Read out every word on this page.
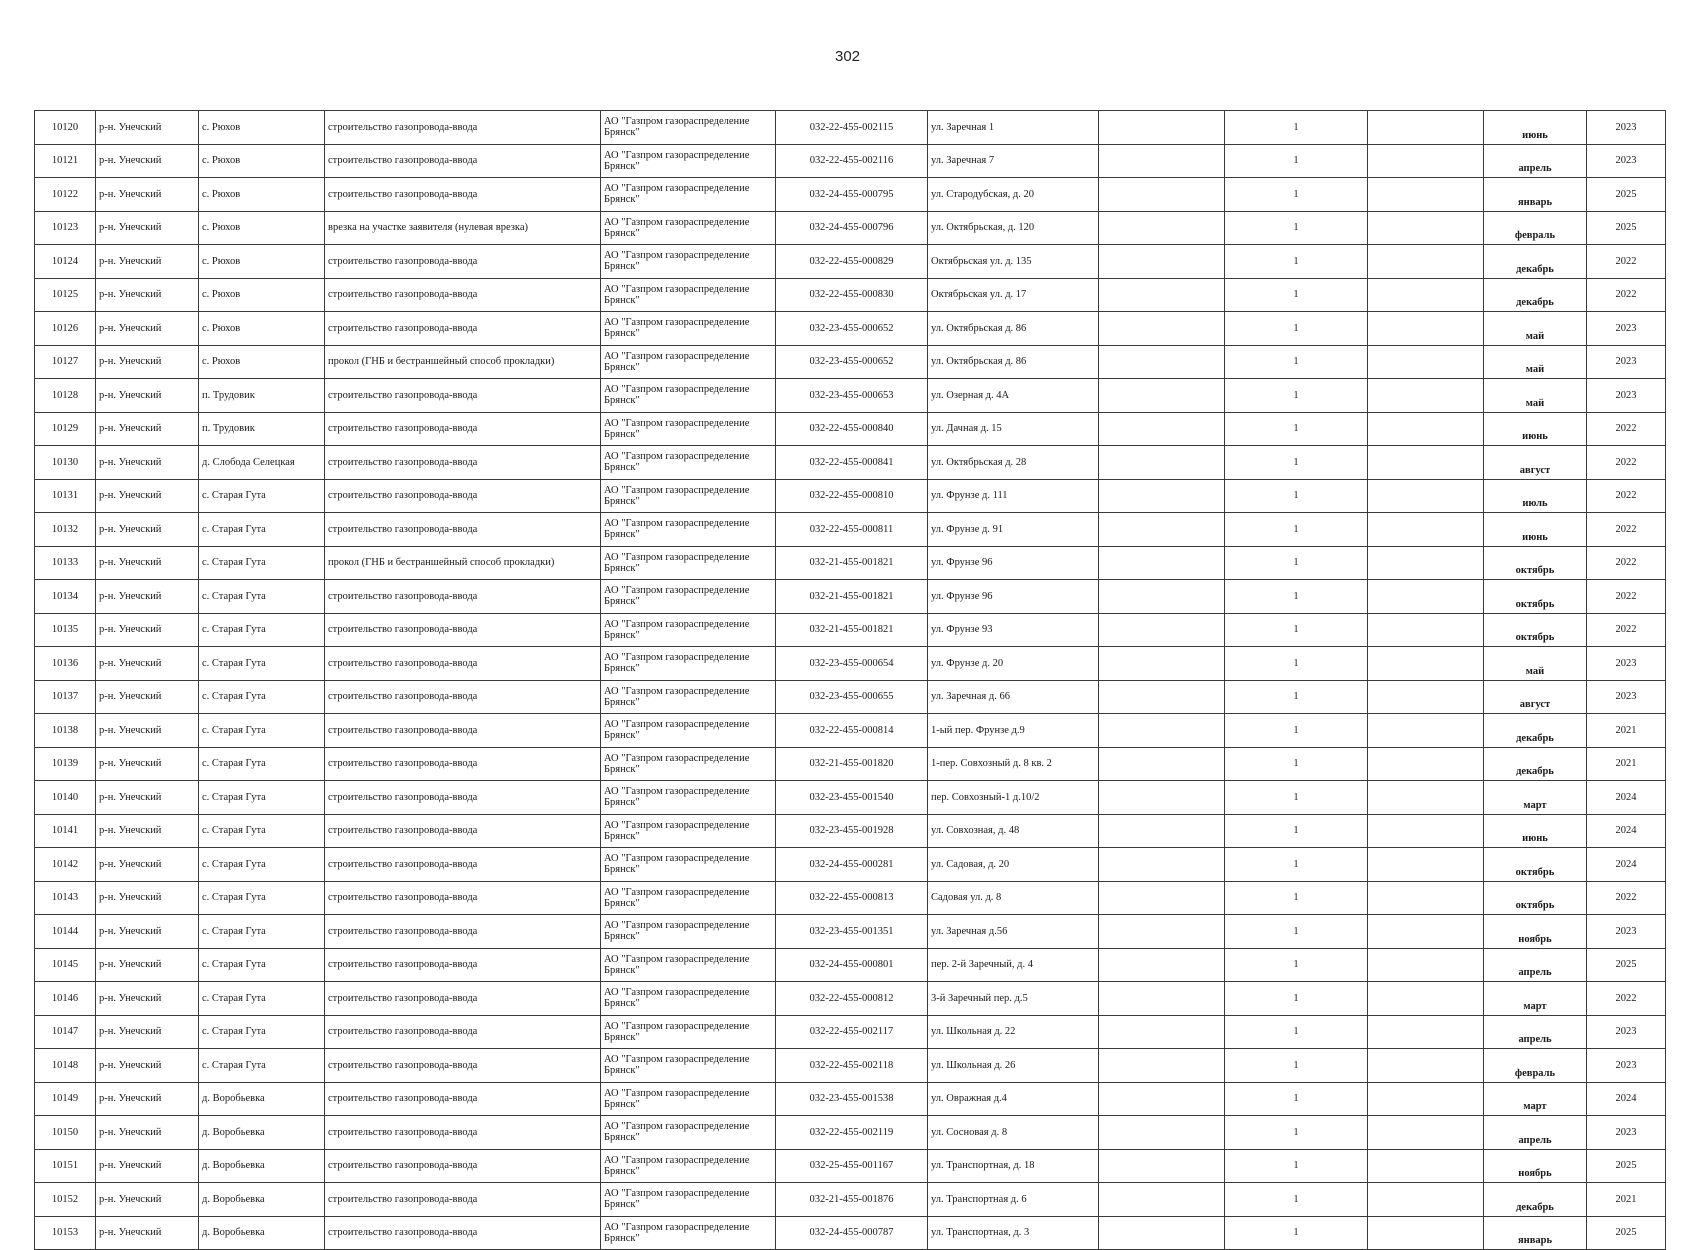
302
10120	р-н. Унечский	с. Рюхов	строительство газопровода-ввода	АО "Газпром газораспределение Брянск"	032-22-455-002115	ул. Заречная 1		1		июнь	2023
10121	р-н. Унечский	с. Рюхов	строительство газопровода-ввода	АО "Газпром газораспределение Брянск"	032-22-455-002116	ул. Заречная 7		1		апрель	2023
10122	р-н. Унечский	с. Рюхов	строительство газопровода-ввода	АО "Газпром газораспределение Брянск"	032-24-455-000795	ул. Стародубская, д. 20		1		январь	2025
10123	р-н. Унечский	с. Рюхов	врезка на участке заявителя (нулевая врезка)	АО "Газпром газораспределение Брянск"	032-24-455-000796	ул. Октябрьская, д. 120		1		февраль	2025
10124	р-н. Унечский	с. Рюхов	строительство газопровода-ввода	АО "Газпром газораспределение Брянск"	032-22-455-000829	Октябрьская ул. д. 135		1		декабрь	2022
10125	р-н. Унечский	с. Рюхов	строительство газопровода-ввода	АО "Газпром газораспределение Брянск"	032-22-455-000830	Октябрьская ул. д. 17		1		декабрь	2022
10126	р-н. Унечский	с. Рюхов	строительство газопровода-ввода	АО "Газпром газораспределение Брянск"	032-23-455-000652	ул. Октябрьская д. 86		1		май	2023
10127	р-н. Унечский	с. Рюхов	прокол (ГНБ и бестраншейный способ прокладки)	АО "Газпром газораспределение Брянск"	032-23-455-000652	ул. Октябрьская д. 86		1		май	2023
10128	р-н. Унечский	п. Трудовик	строительство газопровода-ввода	АО "Газпром газораспределение Брянск"	032-23-455-000653	ул. Озерная д. 4А		1		май	2023
10129	р-н. Унечский	п. Трудовик	строительство газопровода-ввода	АО "Газпром газораспределение Брянск"	032-22-455-000840	ул. Дачная д. 15		1		июнь	2022
10130	р-н. Унечский	д. Слобода Селецкая	строительство газопровода-ввода	АО "Газпром газораспределение Брянск"	032-22-455-000841	ул. Октябрьская д. 28		1		август	2022
10131	р-н. Унечский	с. Старая Гута	строительство газопровода-ввода	АО "Газпром газораспределение Брянск"	032-22-455-000810	ул. Фрунзе д. 111		1		июль	2022
10132	р-н. Унечский	с. Старая Гута	строительство газопровода-ввода	АО "Газпром газораспределение Брянск"	032-22-455-000811	ул. Фрунзе д. 91		1		июнь	2022
10133	р-н. Унечский	с. Старая Гута	прокол (ГНБ и бестраншейный способ прокладки)	АО "Газпром газораспределение Брянск"	032-21-455-001821	ул. Фрунзе 96		1		октябрь	2022
10134	р-н. Унечский	с. Старая Гута	строительство газопровода-ввода	АО "Газпром газораспределение Брянск"	032-21-455-001821	ул. Фрунзе 96		1		октябрь	2022
10135	р-н. Унечский	с. Старая Гута	строительство газопровода-ввода	АО "Газпром газораспределение Брянск"	032-21-455-001821	ул. Фрунзе 93		1		октябрь	2022
10136	р-н. Унечский	с. Старая Гута	строительство газопровода-ввода	АО "Газпром газораспределение Брянск"	032-23-455-000654	ул. Фрунзе д. 20		1		май	2023
10137	р-н. Унечский	с. Старая Гута	строительство газопровода-ввода	АО "Газпром газораспределение Брянск"	032-23-455-000655	ул. Заречная д. 66		1		август	2023
10138	р-н. Унечский	с. Старая Гута	строительство газопровода-ввода	АО "Газпром газораспределение Брянск"	032-22-455-000814	1-ый пер. Фрунзе д.9		1		декабрь	2021
10139	р-н. Унечский	с. Старая Гута	строительство газопровода-ввода	АО "Газпром газораспределение Брянск"	032-21-455-001820	1-пер. Совхозный д. 8 кв. 2		1		декабрь	2021
10140	р-н. Унечский	с. Старая Гута	строительство газопровода-ввода	АО "Газпром газораспределение Брянск"	032-23-455-001540	пер. Совхозный-1 д.10/2		1		март	2024
10141	р-н. Унечский	с. Старая Гута	строительство газопровода-ввода	АО "Газпром газораспределение Брянск"	032-23-455-001928	ул. Совхозная, д. 48		1		июнь	2024
10142	р-н. Унечский	с. Старая Гута	строительство газопровода-ввода	АО "Газпром газораспределение Брянск"	032-24-455-000281	ул. Садовая, д. 20		1		октябрь	2024
10143	р-н. Унечский	с. Старая Гута	строительство газопровода-ввода	АО "Газпром газораспределение Брянск"	032-22-455-000813	Садовая ул. д. 8		1		октябрь	2022
10144	р-н. Унечский	с. Старая Гута	строительство газопровода-ввода	АО "Газпром газораспределение Брянск"	032-23-455-001351	ул. Заречная д.56		1		ноябрь	2023
10145	р-н. Унечский	с. Старая Гута	строительство газопровода-ввода	АО "Газпром газораспределение Брянск"	032-24-455-000801	пер. 2-й Заречный, д. 4		1		апрель	2025
10146	р-н. Унечский	с. Старая Гута	строительство газопровода-ввода	АО "Газпром газораспределение Брянск"	032-22-455-000812	3-й Заречный пер. д.5		1		март	2022
10147	р-н. Унечский	с. Старая Гута	строительство газопровода-ввода	АО "Газпром газораспределение Брянск"	032-22-455-002117	ул. Школьная д. 22		1		апрель	2023
10148	р-н. Унечский	с. Старая Гута	строительство газопровода-ввода	АО "Газпром газораспределение Брянск"	032-22-455-002118	ул. Школьная д. 26		1		февраль	2023
10149	р-н. Унечский	д. Воробьевка	строительство газопровода-ввода	АО "Газпром газораспределение Брянск"	032-23-455-001538	ул. Овражная д.4		1		март	2024
10150	р-н. Унечский	д. Воробьевка	строительство газопровода-ввода	АО "Газпром газораспределение Брянск"	032-22-455-002119	ул. Сосновая д. 8		1		апрель	2023
10151	р-н. Унечский	д. Воробьевка	строительство газопровода-ввода	АО "Газпром газораспределение Брянск"	032-25-455-001167	ул. Транспортная, д. 18		1		ноябрь	2025
10152	р-н. Унечский	д. Воробьевка	строительство газопровода-ввода	АО "Газпром газораспределение Брянск"	032-21-455-001876	ул. Транспортная д. 6		1		декабрь	2021
10153	р-н. Унечский	д. Воробьевка	строительство газопровода-ввода	АО "Газпром газораспределение Брянск"	032-24-455-000787	ул. Транспортная, д. 3		1		январь	2025
